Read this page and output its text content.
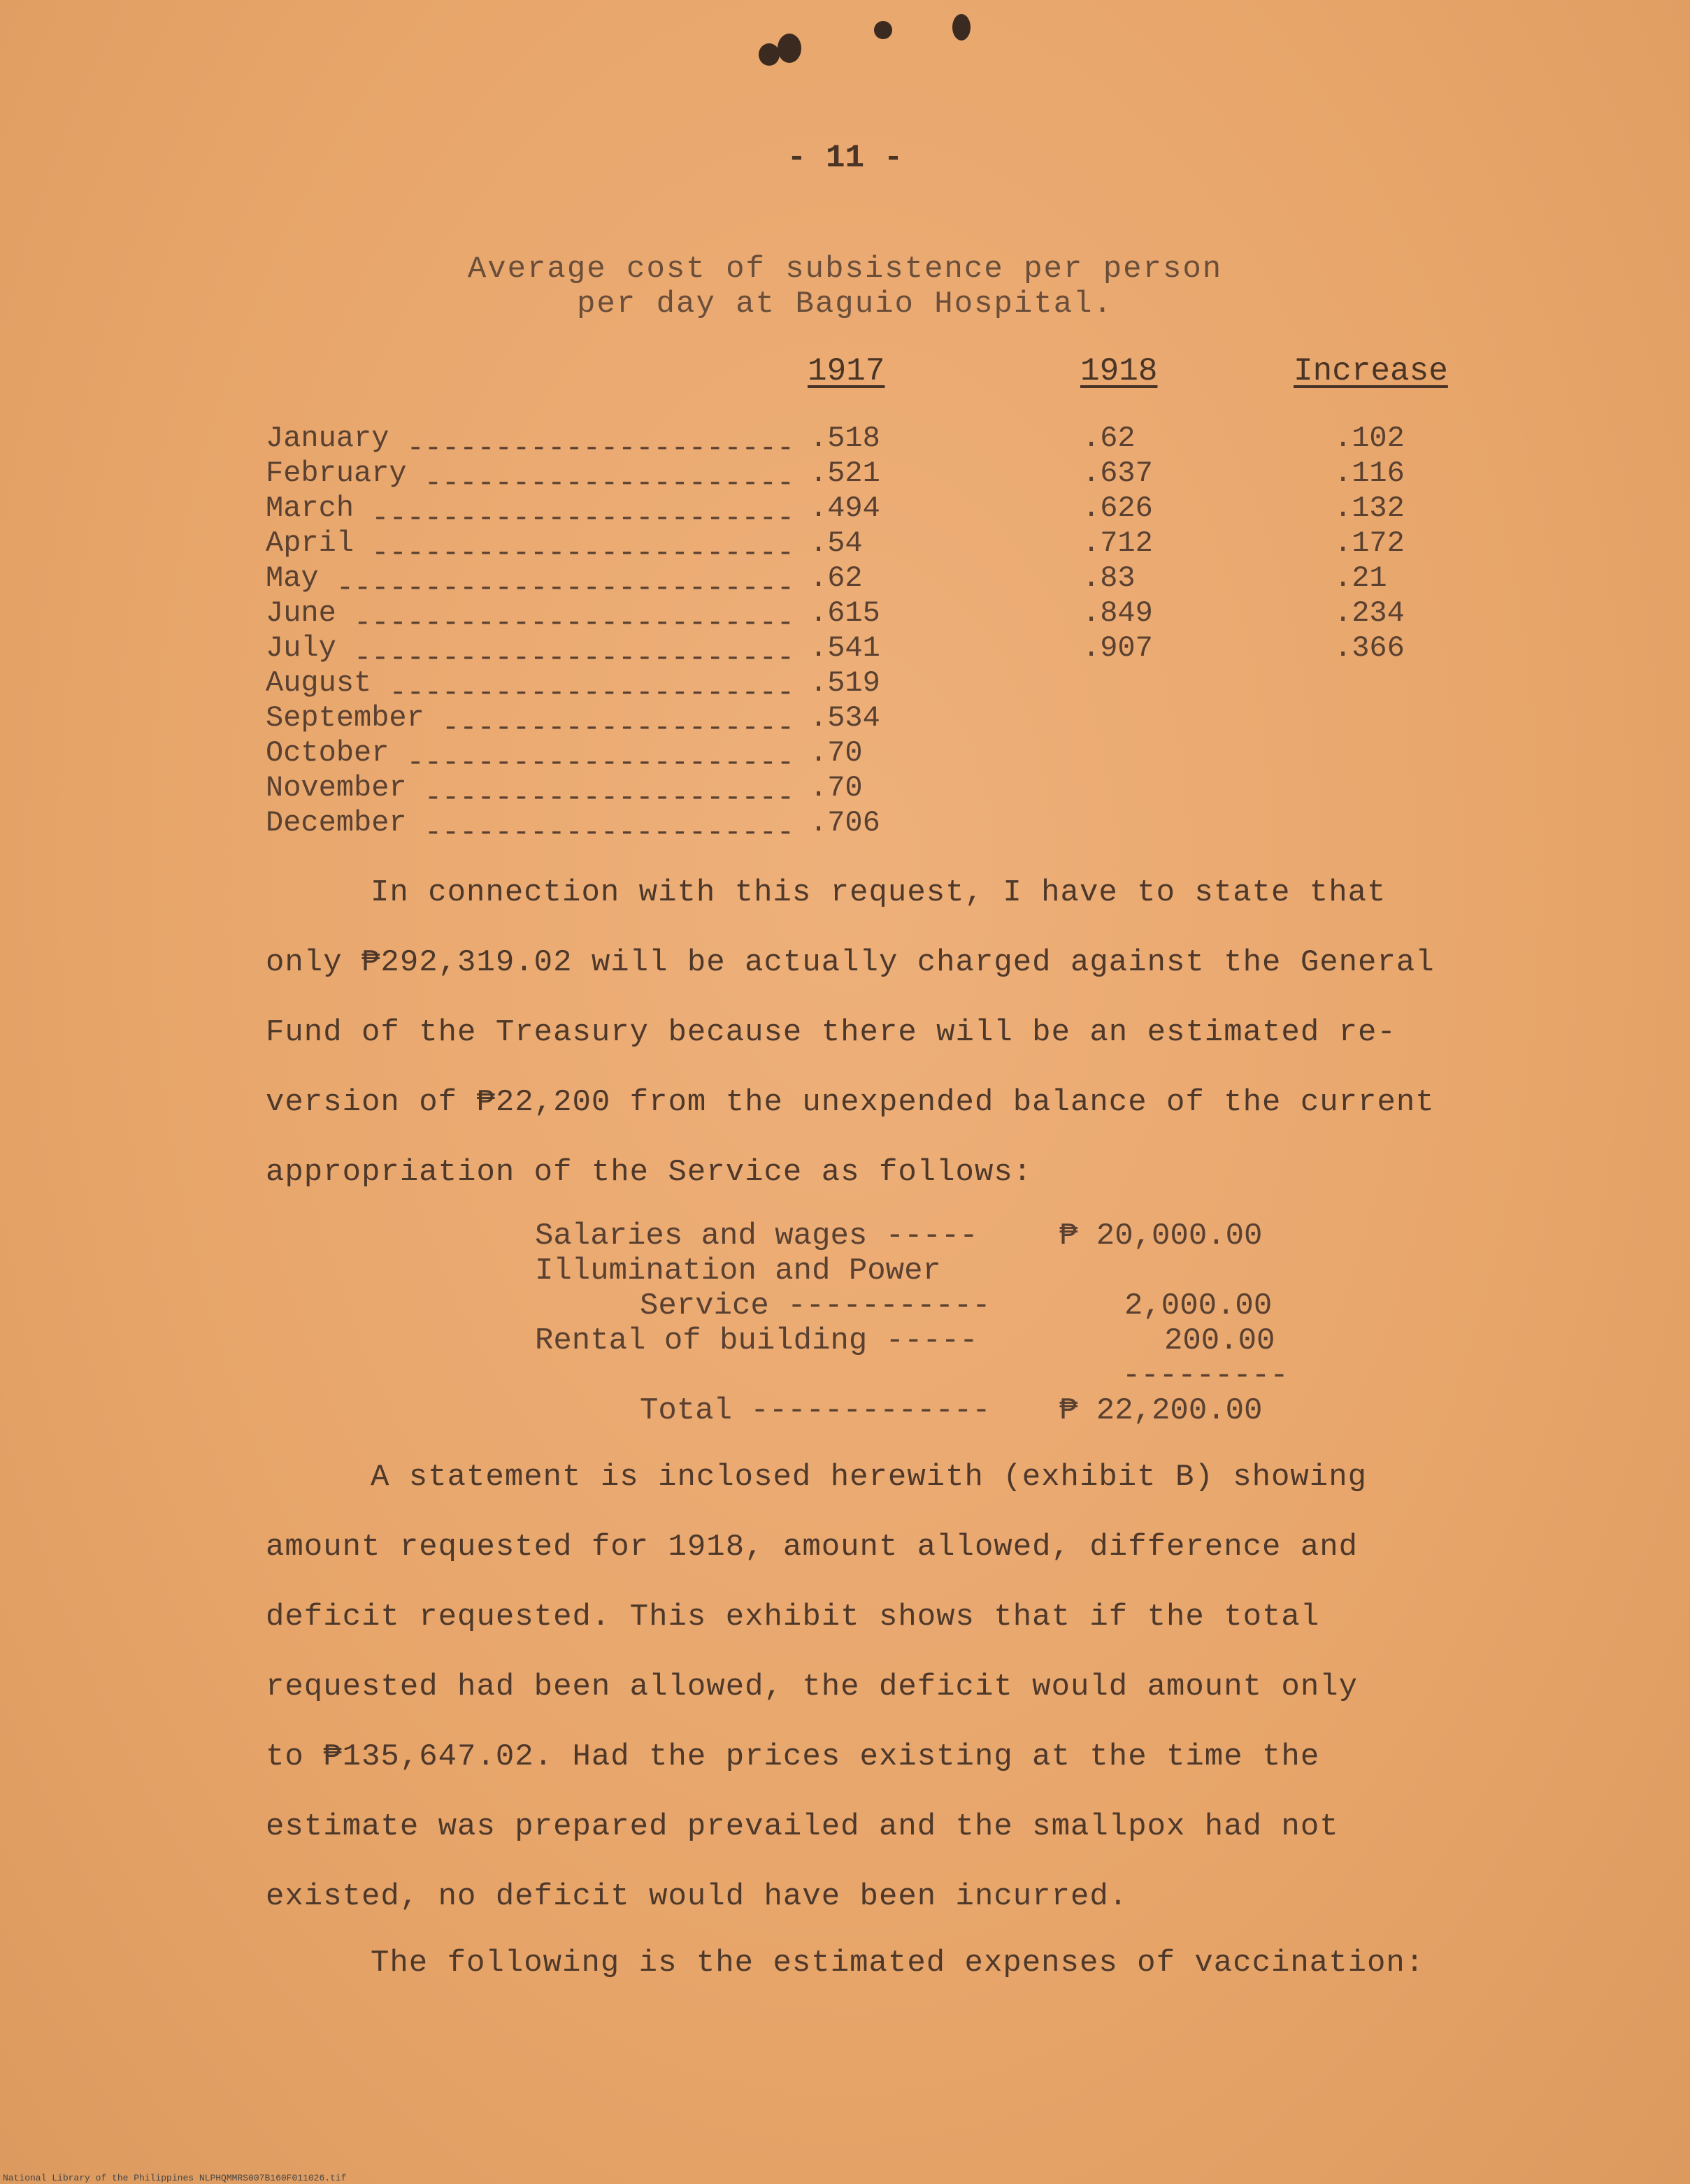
- 11 -
Average cost of subsistence per person
per day at Baguio Hospital.
1917	1918	Increase
January ---------------------- .518	.62	.102
February --------------------- .521	.637	.116
March ------------------------ .494	.626	.132
April ------------------------ .54	.712	.172
May -------------------------- .62	.83	.21
June ------------------------- .615	.849	.234
July ------------------------- .541	.907	.366
August ----------------------- .519
September -------------------- .534
October ---------------------- .70
November --------------------- .70
December --------------------- .706
In connection with this request, I have to state that
only ₱292,319.02 will be actually charged against the General
Fund of the Treasury because there will be an estimated re-
version of ₱22,200 from the unexpended balance of the current
appropriation of the Service as follows:
Salaries and wages -----	₱ 20,000.00
Illumination and Power
Service -----------	2,000.00
Rental of building -----	200.00
---------
Total ------------- ₱ 22,200.00
A statement is inclosed herewith (exhibit B) showing
amount requested for 1918, amount allowed, difference and
deficit requested. This exhibit shows that if the total
requested had been allowed, the deficit would amount only
to ₱135,647.02. Had the prices existing at the time the
estimate was prepared prevailed and the smallpox had not
existed, no deficit would have been incurred.
The following is the estimated expenses of vaccination:
National Library of the Philippines NLPHQMMRS007B160F011026.tif
